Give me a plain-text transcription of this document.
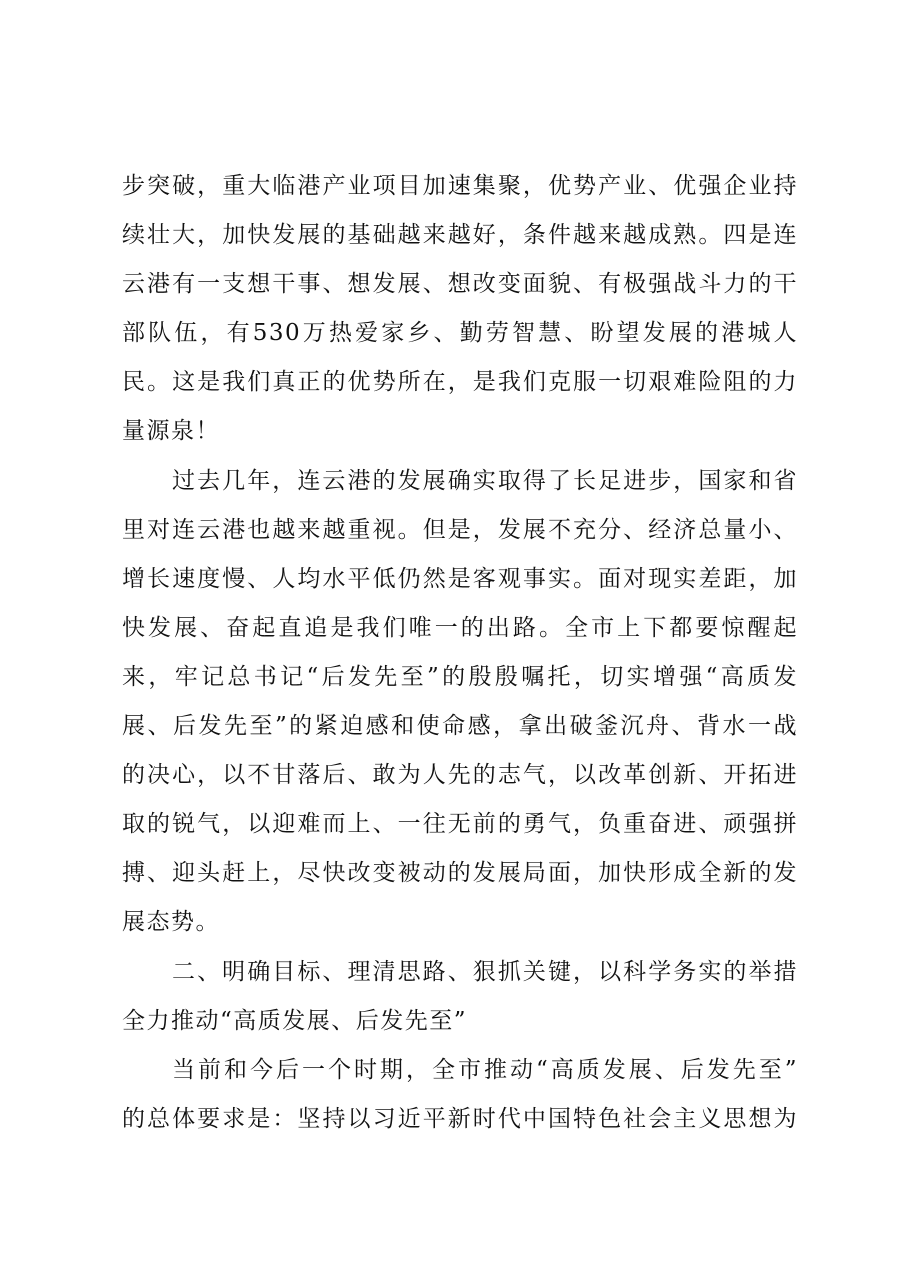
步突破，重大临港产业项目加速集聚，优势产业、优强企业持
续壮大，加快发展的基础越来越好，条件越来越成熟。四是连
云港有一支想干事、想发展、想改变面貌、有极强战斗力的干
部队伍，有530万热爱家乡、勤劳智慧、盼望发展的港城人
民。这是我们真正的优势所在，是我们克服一切艰难险阻的力
量源泉！
过去几年，连云港的发展确实取得了长足进步，国家和省
里对连云港也越来越重视。但是，发展不充分、经济总量小、
增长速度慢、人均水平低仍然是客观事实。面对现实差距，加
快发展、奋起直追是我们唯一的出路。全市上下都要惊醒起
来，牢记总书记“后发先至”的殷殷嘱托，切实增强“高质发
展、后发先至”的紧迫感和使命感，拿出破釜沉舟、背水一战
的决心，以不甘落后、敢为人先的志气，以改革创新、开拓进
取的锐气，以迎难而上、一往无前的勇气，负重奋进、顽强拼
搏、迎头赶上，尽快改变被动的发展局面，加快形成全新的发
展态势。
二、明确目标、理清思路、狠抓关键，以科学务实的举措
全力推动“高质发展、后发先至”
当前和今后一个时期，全市推动“高质发展、后发先至”
的总体要求是：坚持以习近平新时代中国特色社会主义思想为
